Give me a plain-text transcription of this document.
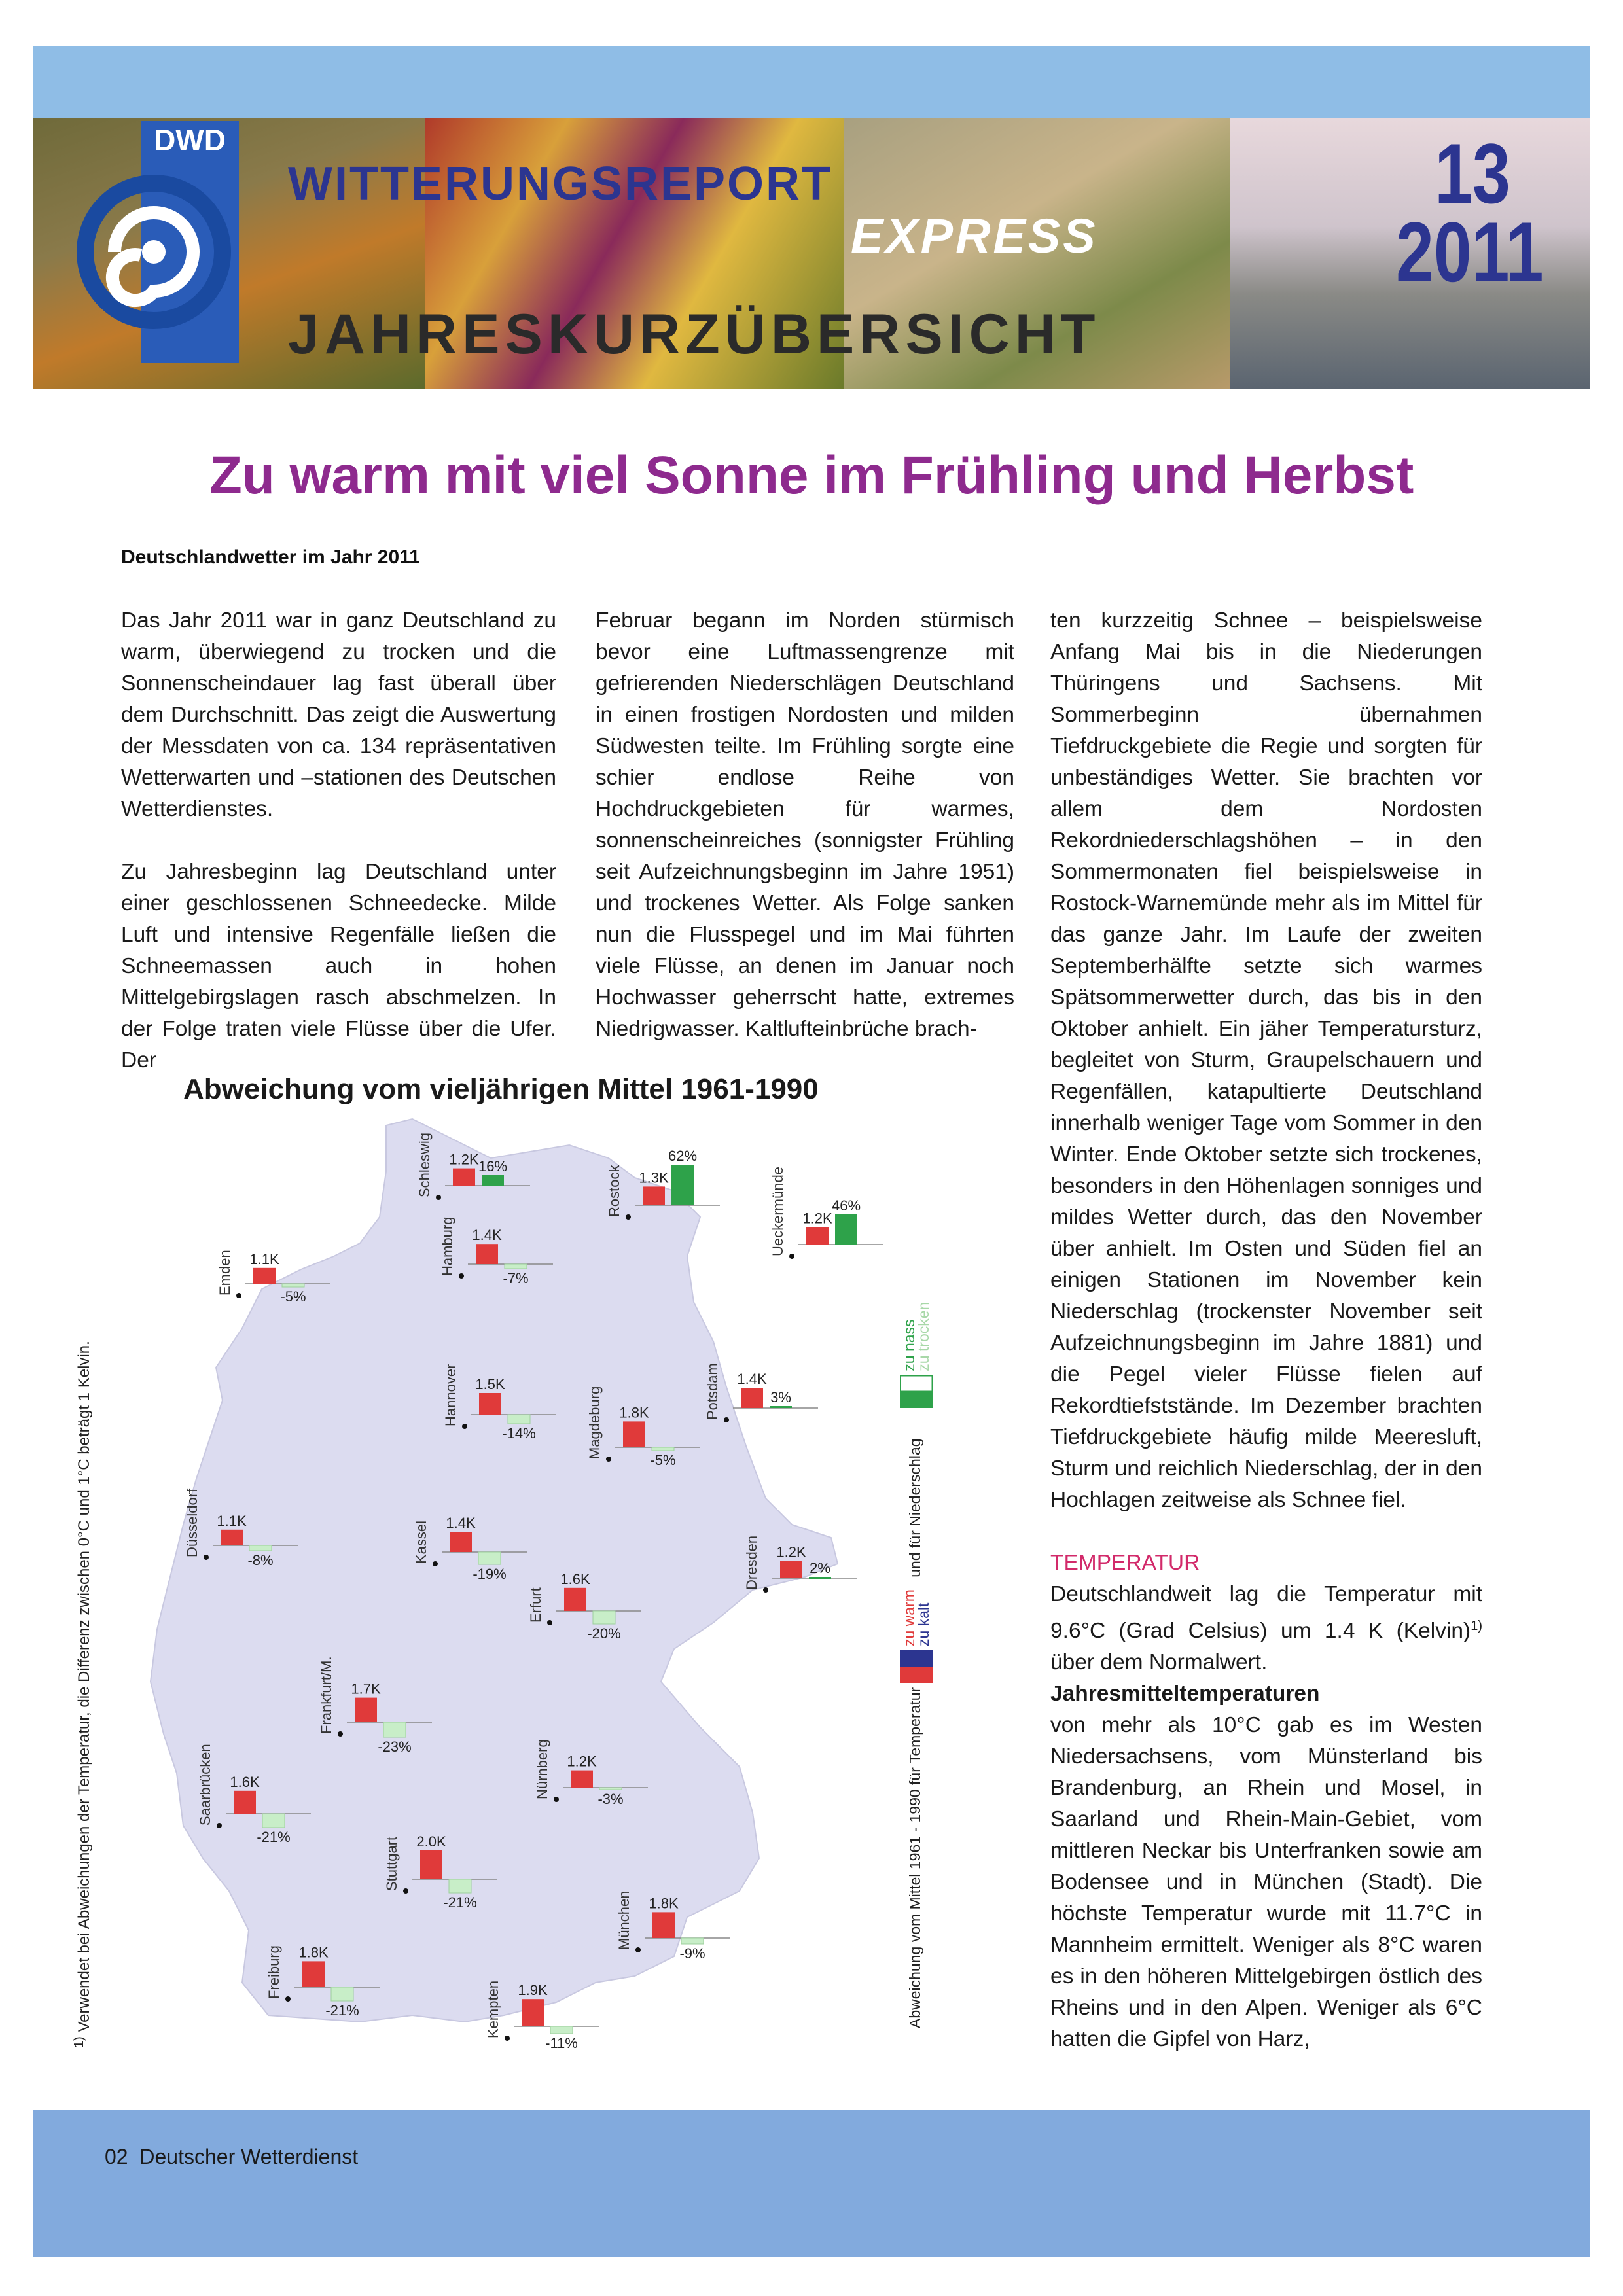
DWD
WITTERUNGSREPORT
EXPRESS
JAHRESKURZÜBERSICHT
13
2011
Zu warm mit viel Sonne im Frühling und Herbst
Deutschlandwetter im Jahr 2011

Das Jahr 2011 war in ganz Deutschland zu warm, überwiegend zu trocken und die Sonnenscheindauer lag fast überall über dem Durchschnitt. Das zeigt die Auswertung der Messdaten von ca. 134 repräsentativen Wetterwarten und –stationen des Deutschen Wetterdienstes.

Zu Jahresbeginn lag Deutschland unter einer geschlossenen Schneedecke. Milde Luft und intensive Regenfälle ließen die Schneemassen auch in hohen Mittelgebirgslagen rasch abschmelzen. In der Folge traten viele Flüsse über die Ufer. Der

Februar begann im Norden stürmisch bevor eine Luftmassengrenze mit gefrierenden Niederschlägen Deutschland in einen frostigen Nordosten und milden Südwesten teilte. Im Frühling sorgte eine schier endlose Reihe von Hochdruckgebieten für warmes, sonnenscheinreiches (sonnigster Frühling seit Aufzeichnungsbeginn im Jahre 1951) und trockenes Wetter. Als Folge sanken nun die Flusspegel und im Mai führten viele Flüsse, an denen im Januar noch Hochwasser geherrscht hatte, extremes Niedrigwasser. Kaltlufteinbrüche brach-

ten kurzzeitig Schnee – beispielsweise Anfang Mai bis in die Niederungen Thüringens und Sachsens. Mit Sommerbeginn übernahmen Tiefdruckgebiete die Regie und sorgten für unbeständiges Wetter. Sie brachten vor allem dem Nordosten Rekordniederschlagshöhen – in den Sommermonaten fiel beispielsweise in Rostock-Warnemünde mehr als im Mittel für das ganze Jahr. Im Laufe der zweiten Septemberhälfte setzte sich warmes Spätsommerwetter durch, das bis in den Oktober anhielt. Ein jäher Temperatursturz, begleitet von Sturm, Graupelschauern und Regenfällen, katapultierte Deutschland innerhalb weniger Tage vom Sommer in den Winter. Ende Oktober setzte sich trockenes, besonders in den Höhenlagen sonniges und mildes Wetter durch, das den November über anhielt. Im Osten und Süden fiel an einigen Stationen im November kein Niederschlag (trockenster November seit Aufzeichnungsbeginn im Jahre 1881) und die Pegel vieler Flüsse fielen auf Rekordtiefststände. Im Dezember brachten Tiefdruckgebiete häufig milde Meeresluft, Sturm und reichlich Niederschlag, der in den Hochlagen zeitweise als Schnee fiel.

TEMPERATUR

Deutschlandweit lag die Temperatur mit 9.6°C (Grad Celsius) um 1.4 K (Kelvin)$^{1)}$ über dem Normalwert.

Jahresmitteltemperaturen

von mehr als 10°C gab es im Westen Niedersachsens, vom Münsterland bis Brandenburg, an Rhein und Mosel, in Saarland und Rhein-Main-Gebiet, vom mittleren Neckar bis Unterfranken sowie am Bodensee und in München (Stadt). Die höchste Temperatur wurde mit 11.7°C in Mannheim ermittelt. Weniger als 8°C waren es in den höheren Mittelgebirgen östlich des Rheins und in den Alpen. Weniger als 6°C hatten die Gipfel von Harz,

Abweichung vom vieljährigen Mittel 1961-1990
Schleswig 1.2K 16%	Rostock 1.3K
62%
Ueckermünde 1.2K
46%
Hamburg 1.4K
-7%
Emden 1.1K
-5%
Hannover 1.5K
-14%
Potsdam 1.4K
3%
Magdeburg 1.8K
-5%
Düsseldorf 1.1K
-8%	Kassel 1.4K
-19%
Erfurt
1.6K
-20%
Dresden 1.2K
2%
Frankfurt/M. 1.7K
-23%
Saarbrücken 1.6K
-21%
Nürnberg 1.2K
-3%
Stuttgart 2.0K
-21%	München 1.8K
-9%
Freiburg 1.8K
-21%	Kempten 1.9K
-11%
$^{1)}$ Verwendet bei Abweichungen der Temperatur, die Differenz zwischen 0°C und 1°C beträgt 1 Kelvin.	Abweichung vom Mittel 1961 - 1990 für Temperatur
zu warm
zu kalt
und für Niederschlag
zu nass
zu trocken
02 Deutscher Wetterdienst
